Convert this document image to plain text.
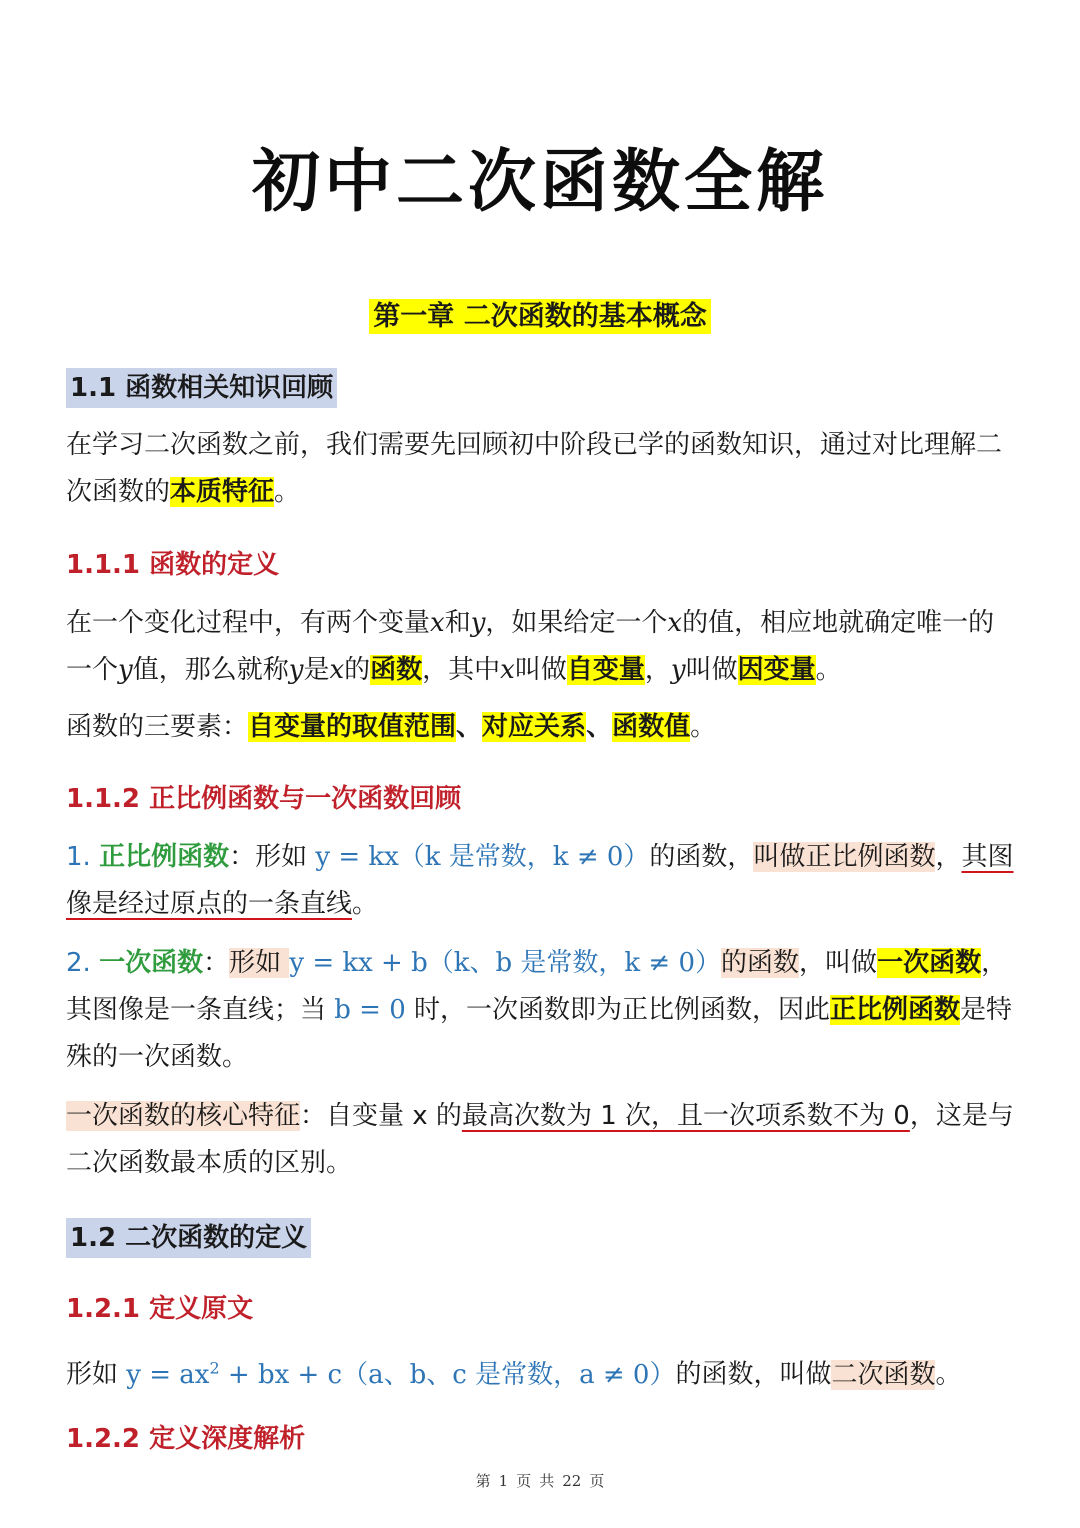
初中二次函数全解
第一章 二次函数的基本概念
1.1 函数相关知识回顾
在学习二次函数之前，我们需要先回顾初中阶段已学的函数知识，通过对比理解二次函数的本质特征。
1.1.1 函数的定义
在一个变化过程中，有两个变量x和y，如果给定一个x的值，相应地就确定唯一的一个y值，那么就称y是x的函数，其中x叫做自变量，y叫做因变量。
函数的三要素：自变量的取值范围、对应关系、函数值。
1.1.2 正比例函数与一次函数回顾
1. 正比例函数：形如 y = kx（k 是常数，k ≠ 0）的函数，叫做正比例函数，其图像是经过原点的一条直线。
2. 一次函数：形如 y = kx + b（k、b 是常数，k ≠ 0）的函数，叫做一次函数，其图像是一条直线；当 b = 0 时，一次函数即为正比例函数，因此正比例函数是特殊的一次函数。
一次函数的核心特征：自变量 x 的最高次数为 1 次，且一次项系数不为 0，这是与二次函数最本质的区别。
1.2 二次函数的定义
1.2.1 定义原文
形如 $y = ax^2$ + bx + c（a、b、c 是常数，a ≠ 0）的函数，叫做二次函数。
1.2.2 定义深度解析
第 1 页 共 22 页
